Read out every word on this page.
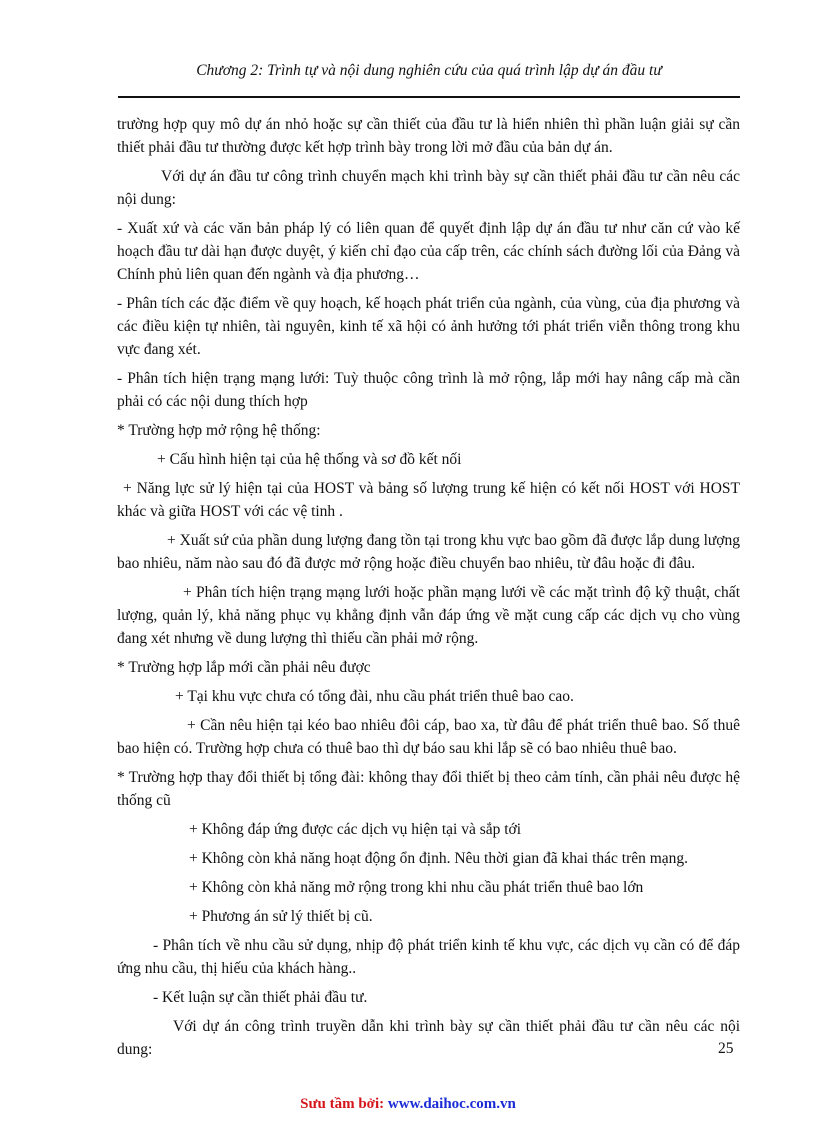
Chương 2: Trình tự và nội dung nghiên cứu của quá trình lập dự án đầu tư

trường hợp quy mô dự án nhỏ hoặc sự cần thiết của đầu tư là hiển nhiên thì phần luận giải sự cần thiết phải đầu tư thường được kết hợp trình bày trong lời mở đầu của bản dự án.

Với dự án đầu tư công trình chuyển mạch khi trình bày sự cần thiết phải đầu tư cần nêu các nội dung:

- Xuất xứ và các văn bản pháp lý có liên quan để quyết định lập dự án đầu tư như căn cứ vào kế hoạch đầu tư dài hạn được duyệt, ý kiến chỉ đạo của cấp trên, các chính sách đường lối của Đảng và Chính phủ liên quan đến ngành và địa phương…

- Phân tích các đặc điểm về quy hoạch, kế hoạch phát triển của ngành, của vùng, của địa phương và các điều kiện tự nhiên, tài nguyên, kinh tế xã hội có ảnh hưởng tới phát triển viễn thông trong khu vực đang xét.

- Phân tích hiện trạng mạng lưới: Tuỳ thuộc công trình là mở rộng, lắp mới hay nâng cấp mà cần phải có các nội dung thích hợp

* Trường hợp mở rộng hệ thống:

+ Cấu hình hiện tại của hệ thống và sơ đồ kết nối

+ Năng lực sử lý hiện tại của HOST và bảng số lượng trung kế hiện có kết nối HOST với HOST khác và giữa HOST với các vệ tinh .

+ Xuất sứ của phần dung lượng đang tồn tại trong khu vực bao gồm đã được lắp dung lượng bao nhiêu, năm nào sau đó đã được mở rộng hoặc điều chuyển bao nhiêu, từ đâu hoặc đi đâu.

+ Phân tích hiện trạng mạng lưới hoặc phần mạng lưới về các mặt trình độ kỹ thuật, chất lượng, quản lý, khả năng phục vụ khẳng định vẫn đáp ứng về mặt cung cấp các dịch vụ cho vùng đang xét nhưng về dung lượng thì thiếu cần phải mở rộng.

* Trường hợp lắp mới cần phải nêu được

+ Tại khu vực chưa có tổng đài, nhu cầu phát triển thuê bao cao.

+ Cần nêu hiện tại kéo bao nhiêu đôi cáp, bao xa, từ đâu để phát triển thuê bao. Số thuê bao hiện có. Trường hợp chưa có thuê bao thì dự báo sau khi lắp sẽ có bao nhiêu thuê bao.

* Trường hợp thay đổi thiết bị tổng đài: không thay đổi thiết bị theo cảm tính, cần phải nêu được hệ thống cũ

+ Không đáp ứng được các dịch vụ hiện tại và sắp tới

+ Không còn khả năng hoạt động ổn định. Nêu thời gian đã khai thác trên mạng.

+ Không còn khả năng mở rộng trong khi nhu cầu phát triển thuê bao lớn

+ Phương án sử lý thiết bị cũ.

- Phân tích về nhu cầu sử dụng, nhịp độ phát triển kinh tế khu vực, các dịch vụ cần có để đáp ứng nhu cầu, thị hiếu của khách hàng..

- Kết luận sự cần thiết phải đầu tư.

Với dự án công trình truyền dẫn khi trình bày sự cần thiết phải đầu tư cần nêu các nội dung:	25
Sưu tầm bởi: www.daihoc.com.vn
